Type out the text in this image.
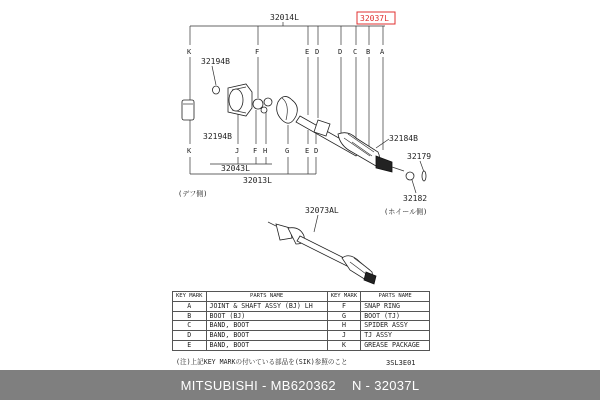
32014L	32037L
K	F	E D	D C B A
32194B
32194B	32184B
32179
32182
(ホイール側)
(デフ側)
K	J F H	G E D
32043L
32013L
32073AL
KEY MARK	PARTS NAME	KEY MARK	PARTS NAME
A	JOINT & SHAFT ASSY (BJ) LH	F	SNAP RING
B	BOOT (BJ)	G	BOOT (TJ)
C	BAND, BOOT	H	SPIDER ASSY
D	BAND, BOOT	J	TJ ASSY
E	BAND, BOOT	K	GREASE PACKAGE
(注)上記KEY MARKの付いている部品を(SIK)参照のこと	3SL3E01
MITSUBISHI - MB620362 N - 32037L
